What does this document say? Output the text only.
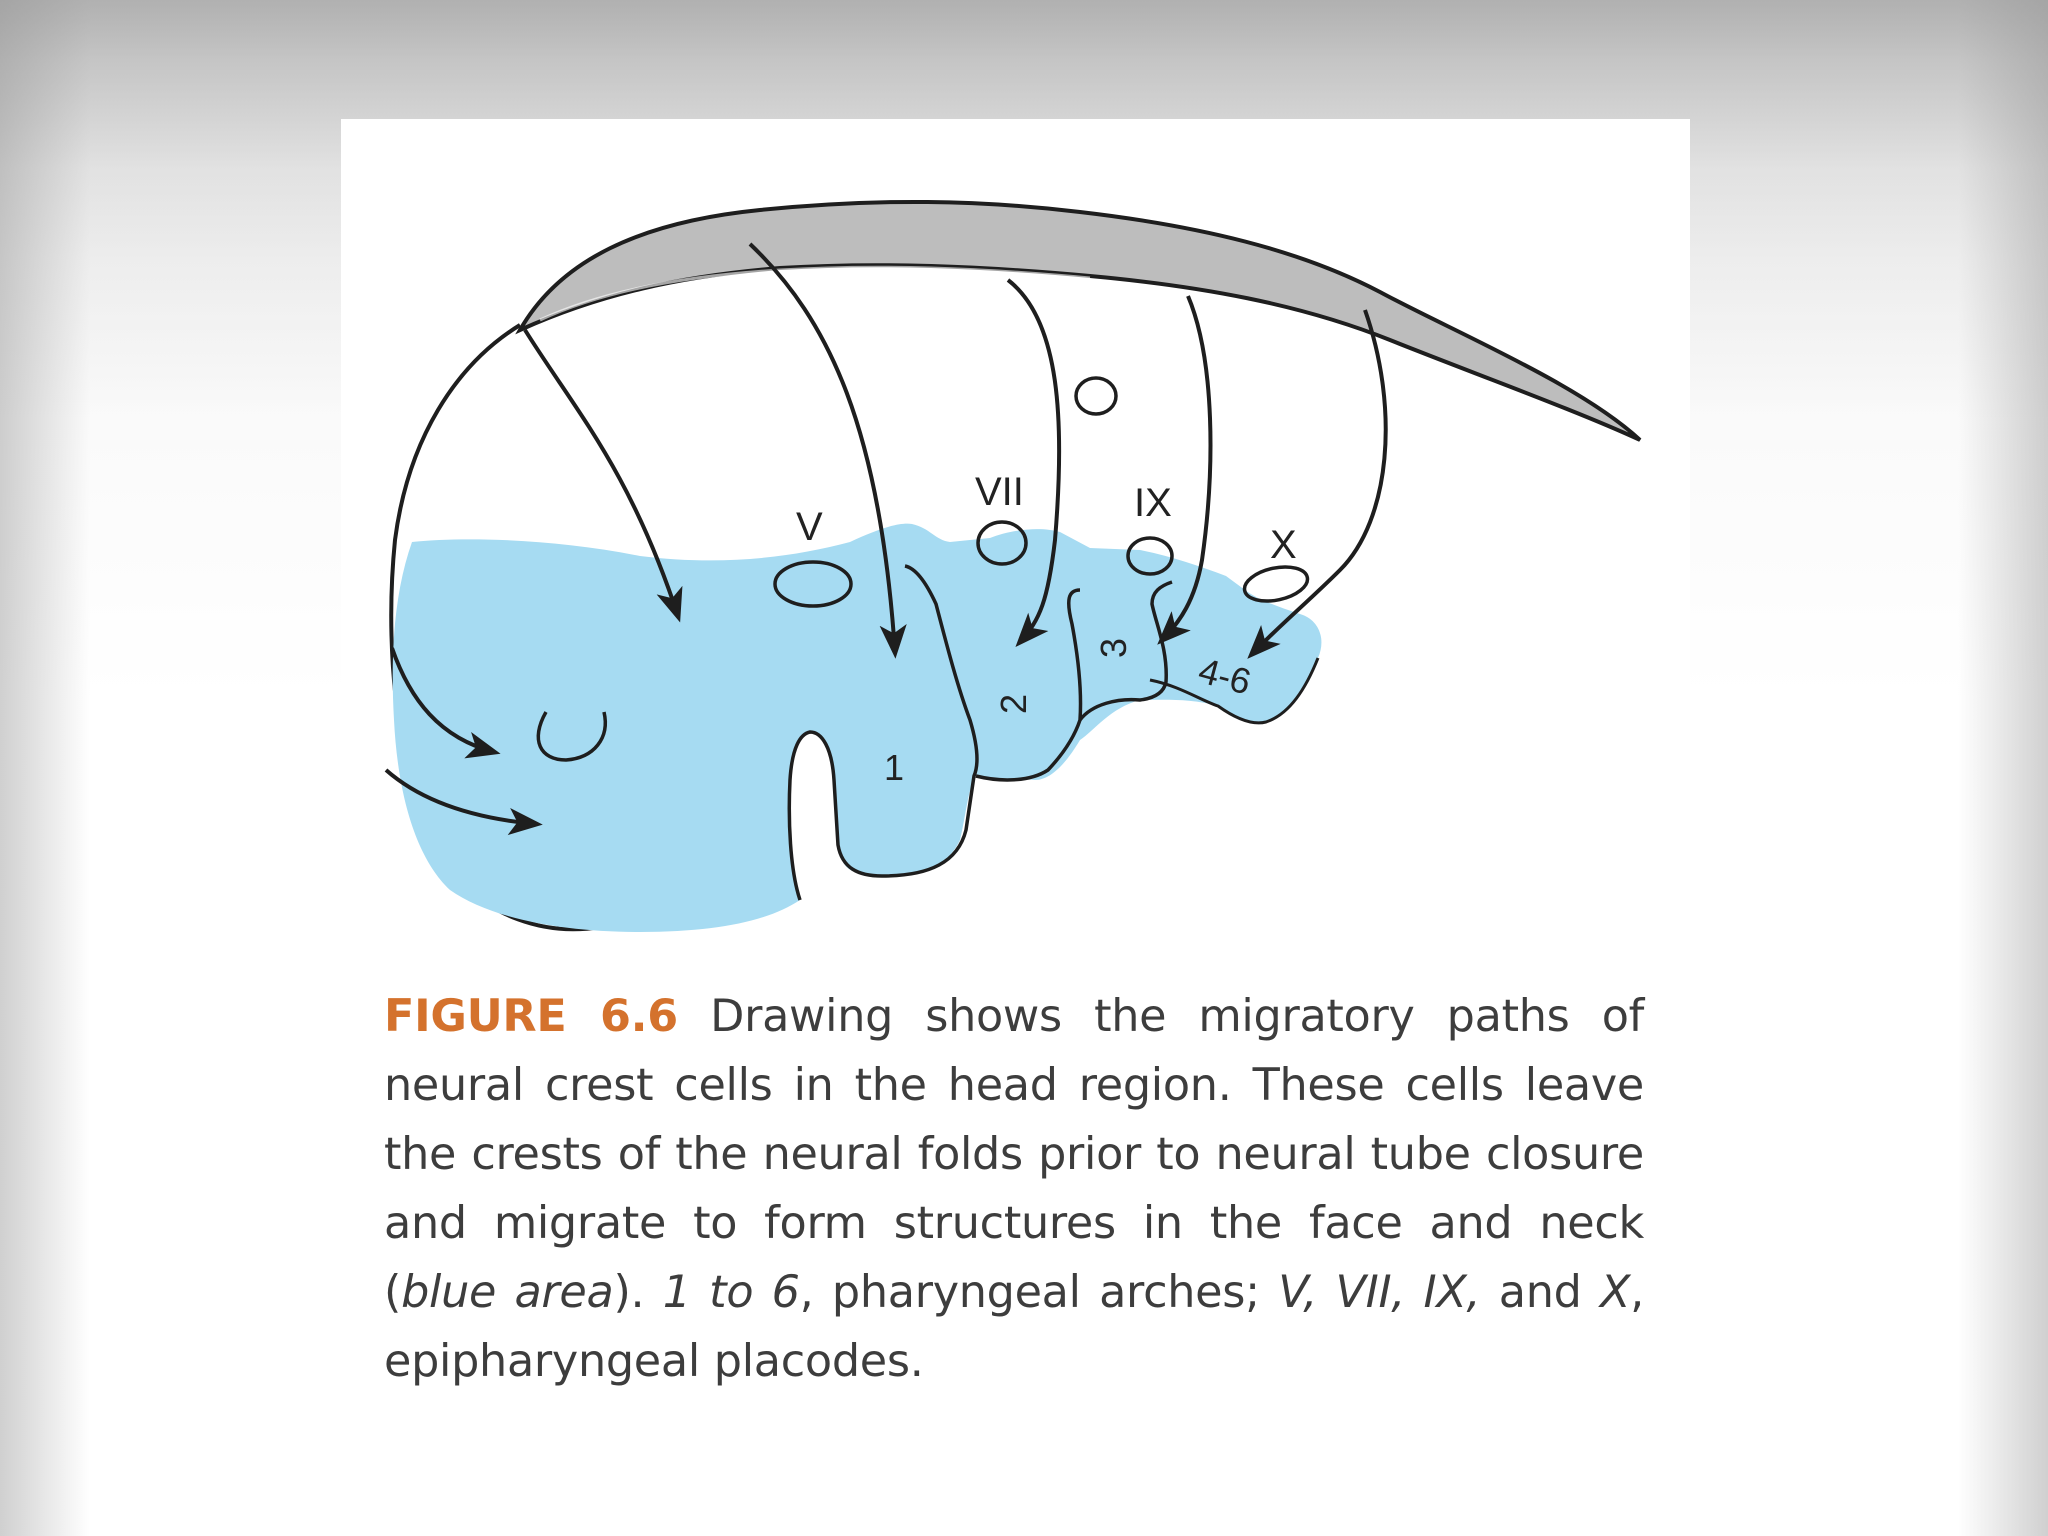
V
VII	IX
X
1
2
3
4-6
FIGURE 6.6 Drawing shows the migratory paths of neural crest cells in the head region. These cells leave the crests of the neural folds prior to neural tube closure and migrate to form structures in the face and neck (blue area). 1 to 6, pharyngeal arches; V, VII, IX, and X, epipharyngeal placodes.
